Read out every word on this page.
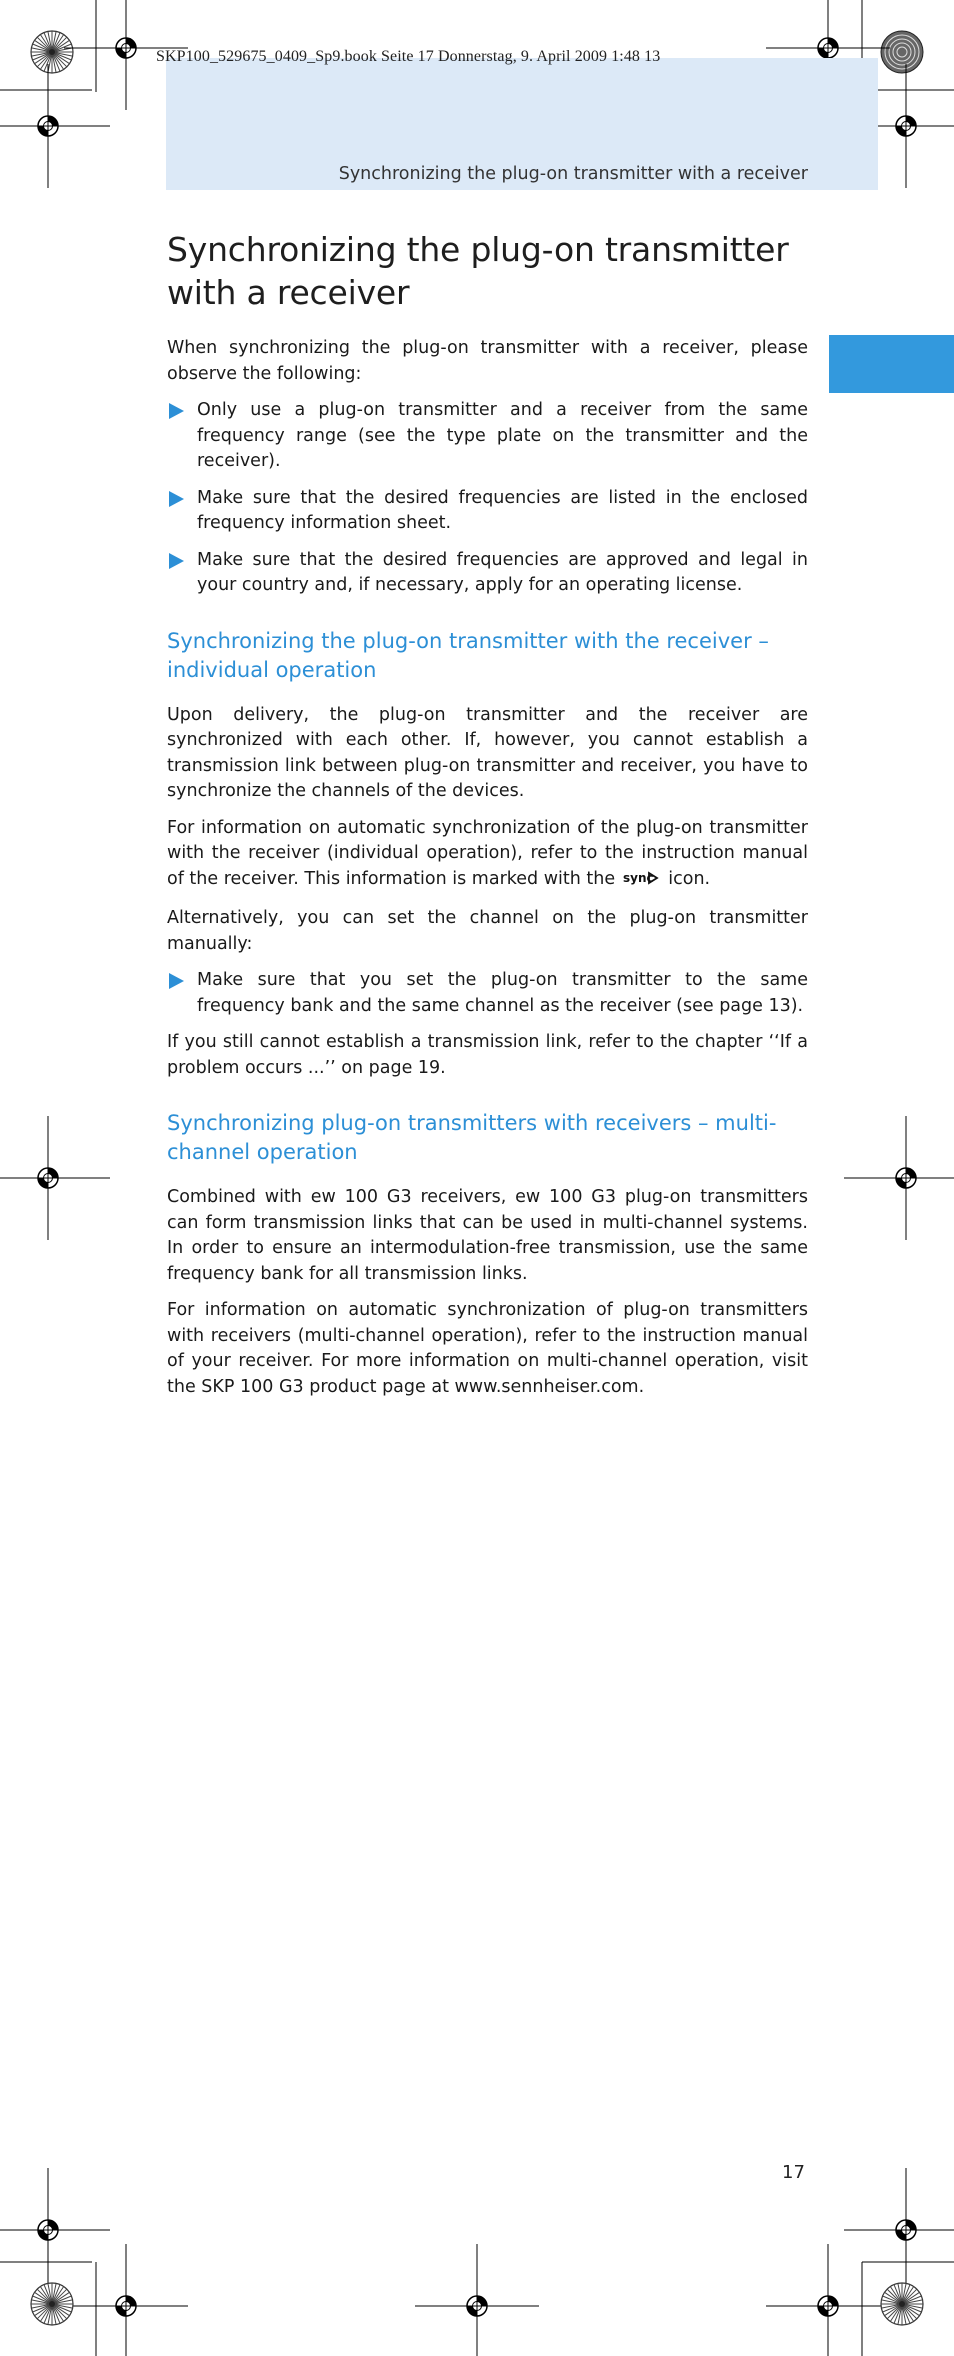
SKP100_529675_0409_Sp9.book Seite 17 Donnerstag, 9. April 2009 1:48 13
Synchronizing the plug-on transmitter with a receiver
Synchronizing the plug-on transmitter with a receiver

When synchronizing the plug-on transmitter with a receiver, please observe the following:

Only use a plug-on transmitter and a receiver from the same frequency range (see the type plate on the transmitter and the receiver).
Make sure that the desired frequencies are listed in the enclosed frequency information sheet.
Make sure that the desired frequencies are approved and legal in your country and, if necessary, apply for an operating license.
Synchronizing the plug-on transmitter with the receiver – individual operation

Upon delivery, the plug-on transmitter and the receiver are synchronized with each other. If, however, you cannot establish a transmission link between plug-on transmitter and receiver, you have to synchronize the channels of the devices.

For information on automatic synchronization of the plug-on transmitter with the receiver (individual operation), refer to the instruction manual of the receiver. This information is marked with the sync icon.

Alternatively, you can set the channel on the plug-on transmitter manually:

Make sure that you set the plug-on transmitter to the same frequency bank and the same channel as the receiver (see page 13).

If you still cannot establish a transmission link, refer to the chapter ‘‘If a problem occurs ...’’ on page 19.

Synchronizing plug-on transmitters with receivers – multi-channel operation

Combined with ew 100 G3 receivers, ew 100 G3 plug-on transmitters can form transmission links that can be used in multi-channel systems. In order to ensure an intermodulation-free transmission, use the same frequency bank for all transmission links.

For information on automatic synchronization of plug-on transmitters with receivers (multi-channel operation), refer to the instruction manual of your receiver. For more information on multi-channel operation, visit the SKP 100 G3 product page at www.sennheiser.com.

17
